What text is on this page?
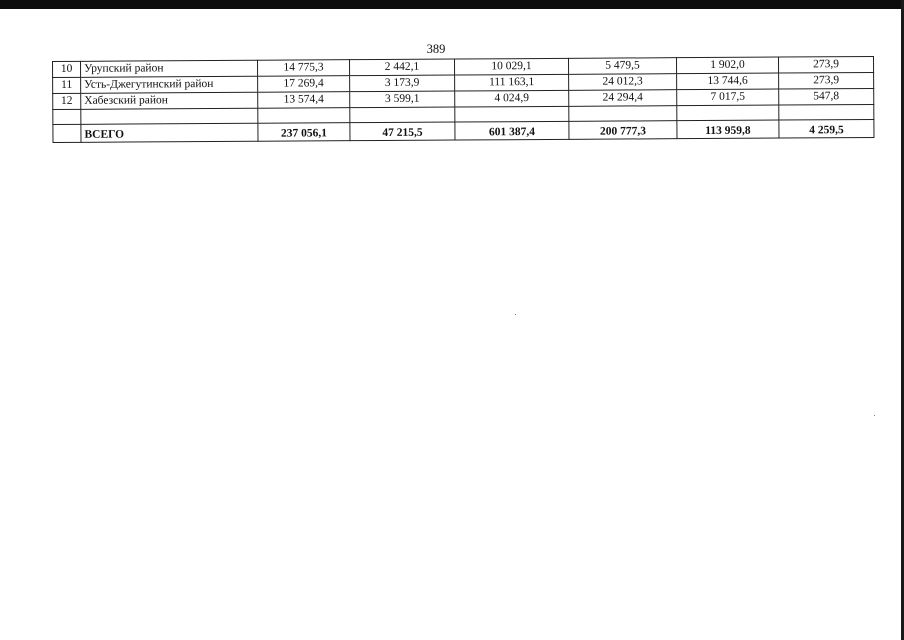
389
10	Урупский район	14 775,3	2 442,1	10 029,1	5 479,5	1 902,0	273,9
11	Усть-Джегутинский район	17 269,4	3 173,9	111 163,1	24 012,3	13 744,6	273,9
12	Хабезский район	13 574,4	3 599,1	4 024,9	24 294,4	7 017,5	547,8

	ВСЕГО	237 056,1	47 215,5	601 387,4	200 777,3	113 959,8	4 259,5
